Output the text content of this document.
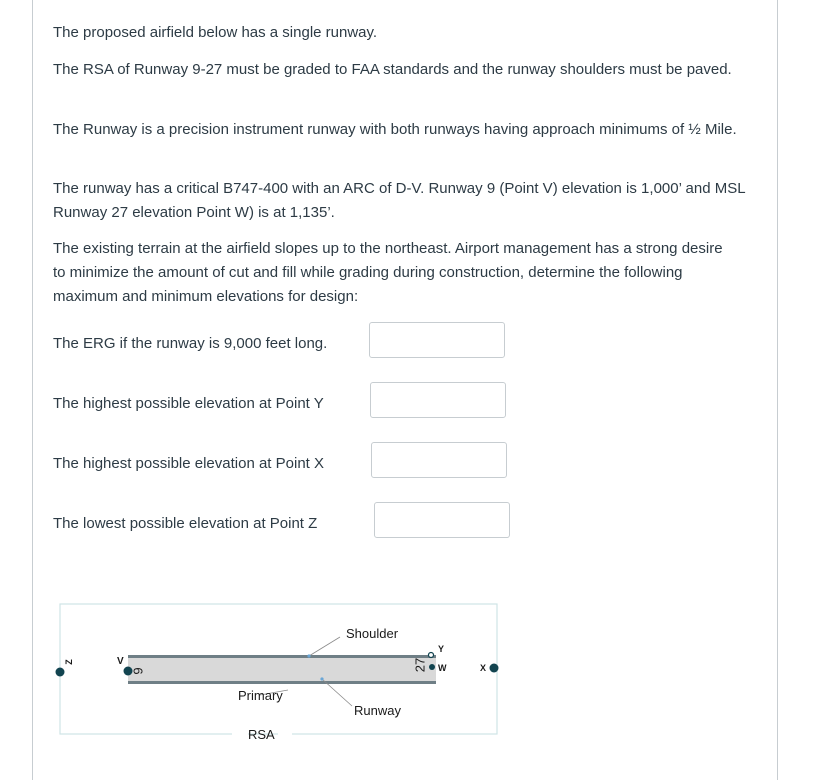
The proposed airfield below has a single runway.

The RSA of Runway 9-27 must be graded to FAA standards and the runway shoulders must be paved.

The Runway is a precision instrument runway with both runways having approach minimums of ½ Mile.

The runway has a critical B747-400 with an ARC of D-V. Runway 9 (Point V) elevation is 1,000’ and MSL Runway 27 elevation Point W) is at 1,135’.

The existing terrain at the airfield slopes up to the northeast. Airport management has a strong desire to minimize the amount of cut and fill while grading during construction, determine the following maximum and minimum elevations for design:

The ERG if the runway is 9,000 feet long.
The highest possible elevation at Point Y
The highest possible elevation at Point X
The lowest possible elevation at Point Z
Shoulder
Primary
Runway
RSA
V
9	27 W
Y
X
Z
